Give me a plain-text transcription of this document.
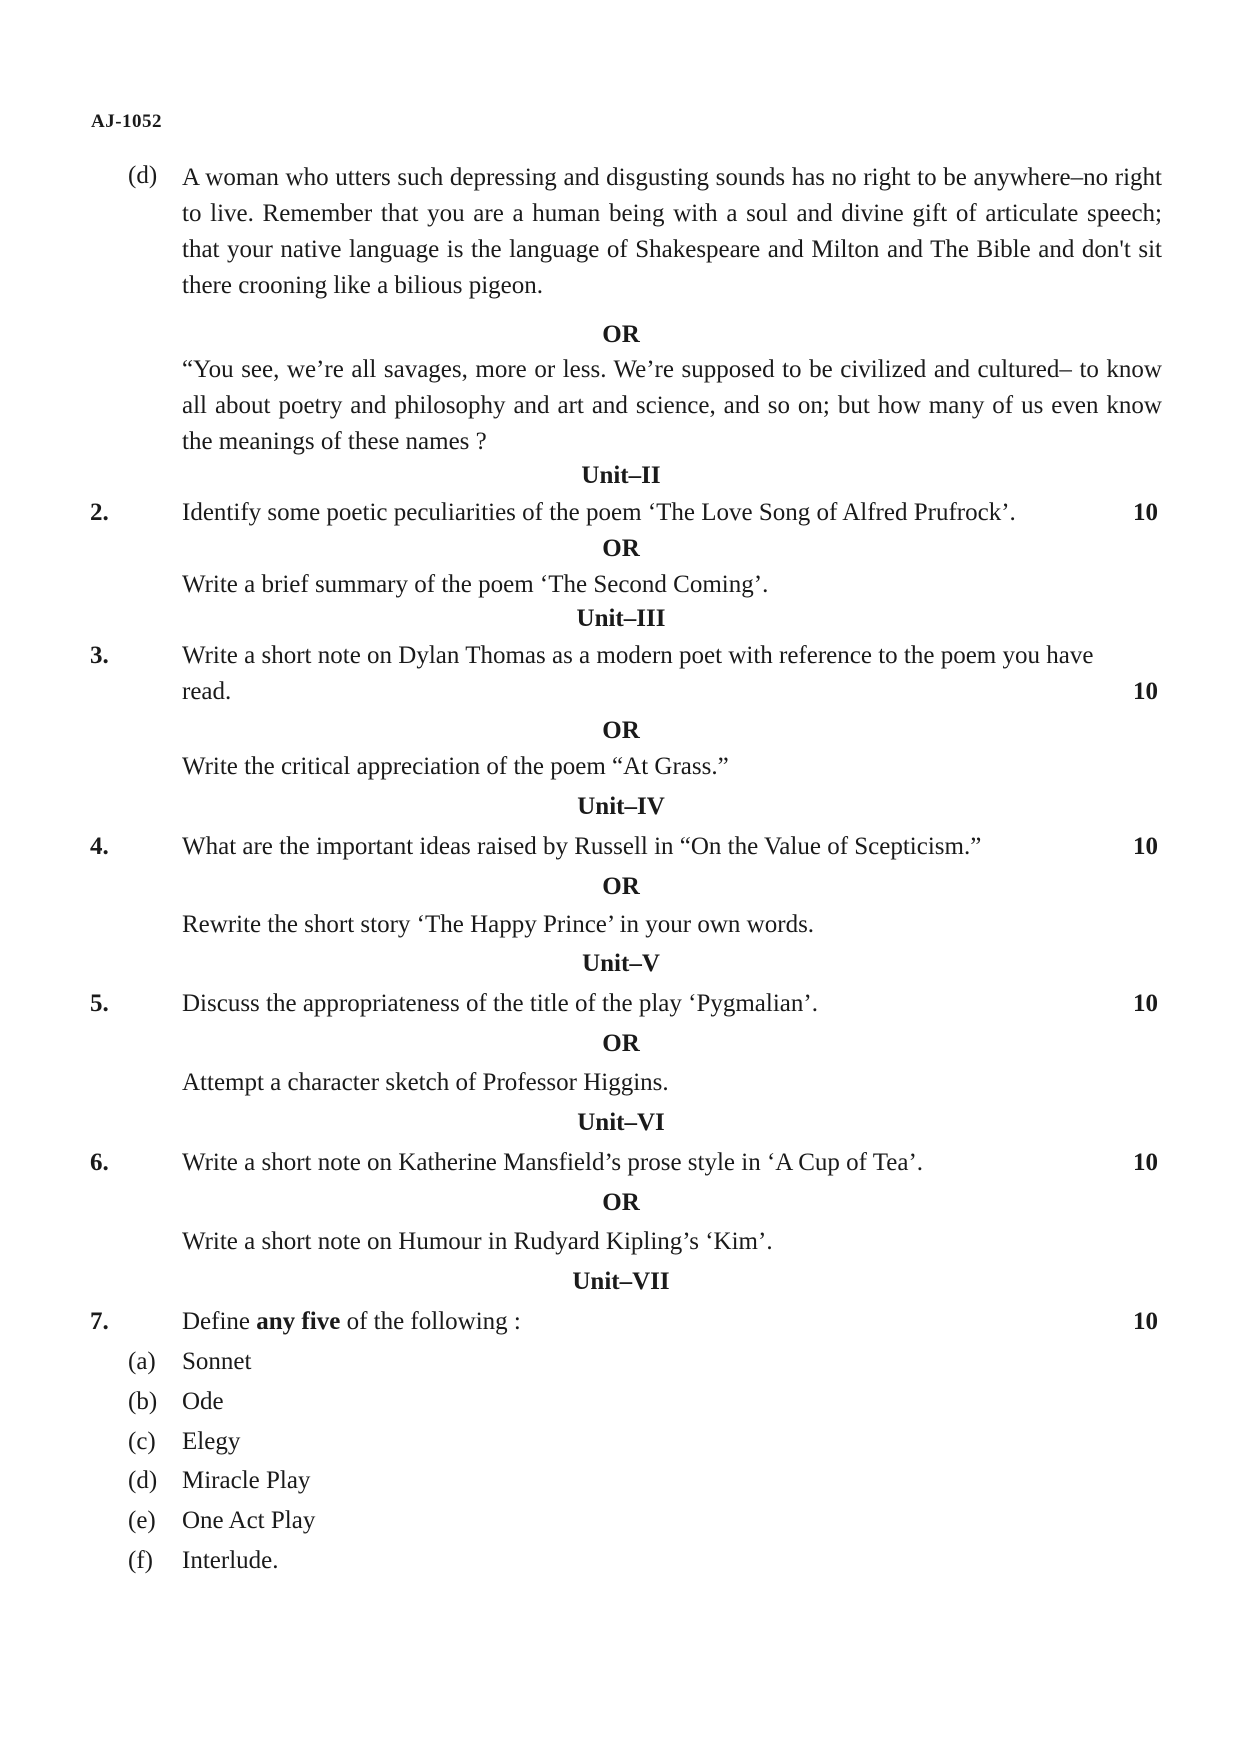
AJ-1052
(d) A woman who utters such depressing and disgusting sounds has no right to be anywhere–no right to live. Remember that you are a human being with a soul and divine gift of articulate speech; that your native language is the language of Shakespeare and Milton and The Bible and don't sit there crooning like a bilious pigeon.
OR
“You see, we’re all savages, more or less. We’re supposed to be civilized and cultured– to know all about poetry and philosophy and art and science, and so on; but how many of us even know the meanings of these names ?
Unit–II
2.	Identify some poetic peculiarities of the poem ‘The Love Song of Alfred Prufrock’.	10
OR
Write a brief summary of the poem ‘The Second Coming’.
Unit–III
3.	Write a short note on Dylan Thomas as a modern poet with reference to the poem you have
read.	10
OR
Write the critical appreciation of the poem “At Grass.”
Unit–IV
4.	What are the important ideas raised by Russell in “On the Value of Scepticism.”	10
OR
Rewrite the short story ‘The Happy Prince’ in your own words.
Unit–V
5.	Discuss the appropriateness of the title of the play ‘Pygmalian’.	10
OR
Attempt a character sketch of Professor Higgins.
Unit–VI
6.	Write a short note on Katherine Mansfield’s prose style in ‘A Cup of Tea’.	10
OR
Write a short note on Humour in Rudyard Kipling’s ‘Kim’.
Unit–VII
7.	Define any five of the following :	10
(a) Sonnet
(b) Ode
(c) Elegy
(d) Miracle Play
(e) One Act Play
(f) Interlude.
